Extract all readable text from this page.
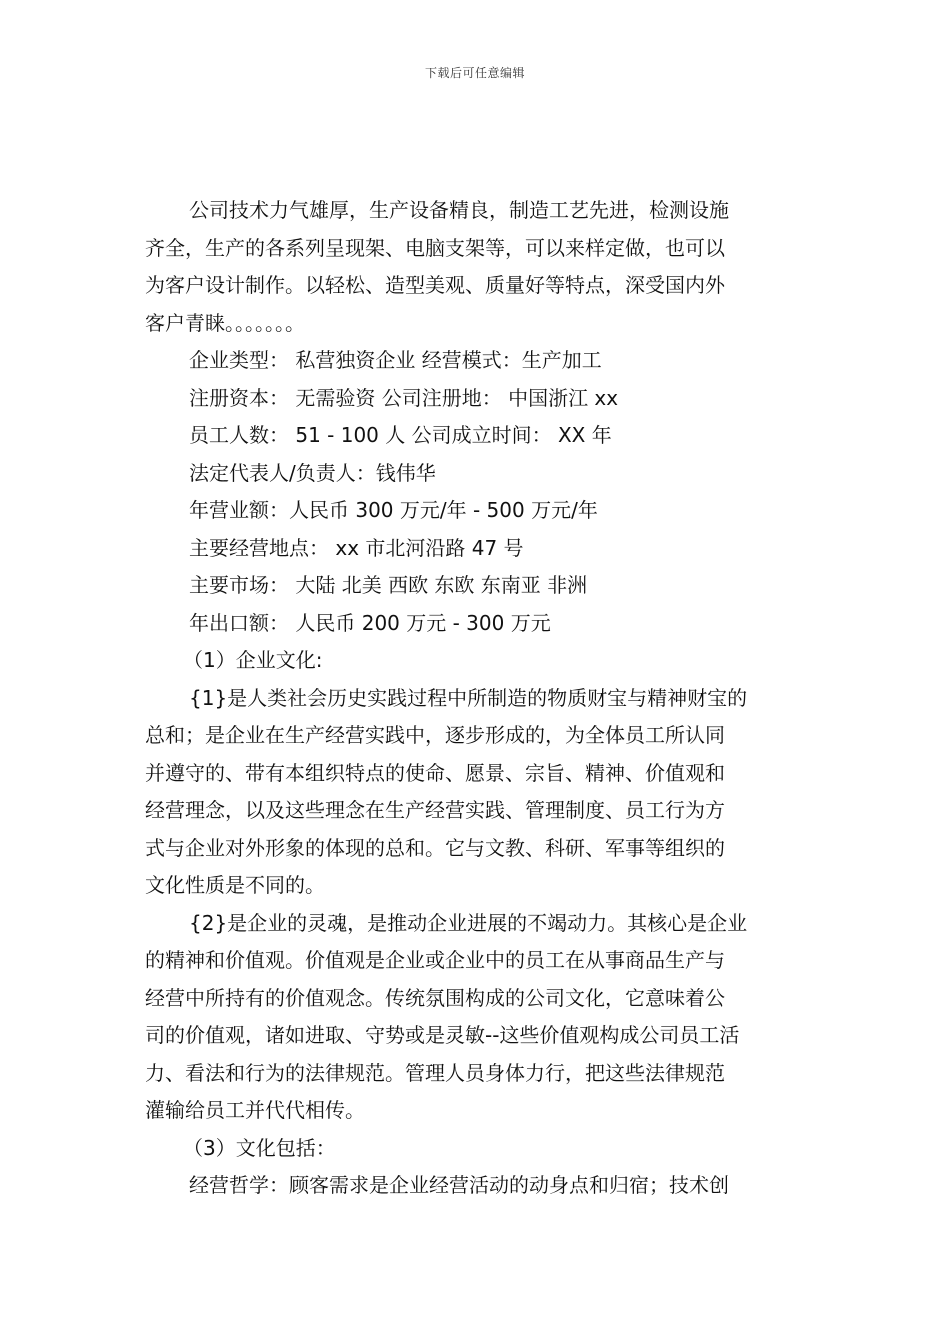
下载后可任意编辑

公司技术力气雄厚，生产设备精良，制造工艺先进，检测设施
齐全，生产的各系列呈现架、电脑支架等，可以来样定做，也可以
为客户设计制作。以轻松、造型美观、质量好等特点，深受国内外
客户青睐。。。。。。。

企业类型： 私营独资企业 经营模式：生产加工
注册资本： 无需验资 公司注册地： 中国浙江 xx
员工人数： 51 - 100 人 公司成立时间： XX 年
法定代表人/负责人：钱伟华
年营业额：人民币 300 万元/年 - 500 万元/年
主要经营地点： xx 市北河沿路 47 号
主要市场： 大陆 北美 西欧 东欧 东南亚 非洲
年出口额： 人民币 200 万元 - 300 万元

（1）企业文化:

{1}是人类社会历史实践过程中所制造的物质财宝与精神财宝的
总和；是企业在生产经营实践中，逐步形成的，为全体员工所认同
并遵守的、带有本组织特点的使命、愿景、宗旨、精神、价值观和
经营理念，以及这些理念在生产经营实践、管理制度、员工行为方
式与企业对外形象的体现的总和。它与文教、科研、军事等组织的
文化性质是不同的。

{2}是企业的灵魂，是推动企业进展的不竭动力。其核心是企业
的精神和价值观。价值观是企业或企业中的员工在从事商品生产与
经营中所持有的价值观念。传统氛围构成的公司文化，它意味着公
司的价值观，诸如进取、守势或是灵敏--这些价值观构成公司员工活
力、看法和行为的法律规范。管理人员身体力行，把这些法律规范
灌输给员工并代代相传。

（3）文化包括：

经营哲学：顾客需求是企业经营活动的动身点和归宿；技术创
